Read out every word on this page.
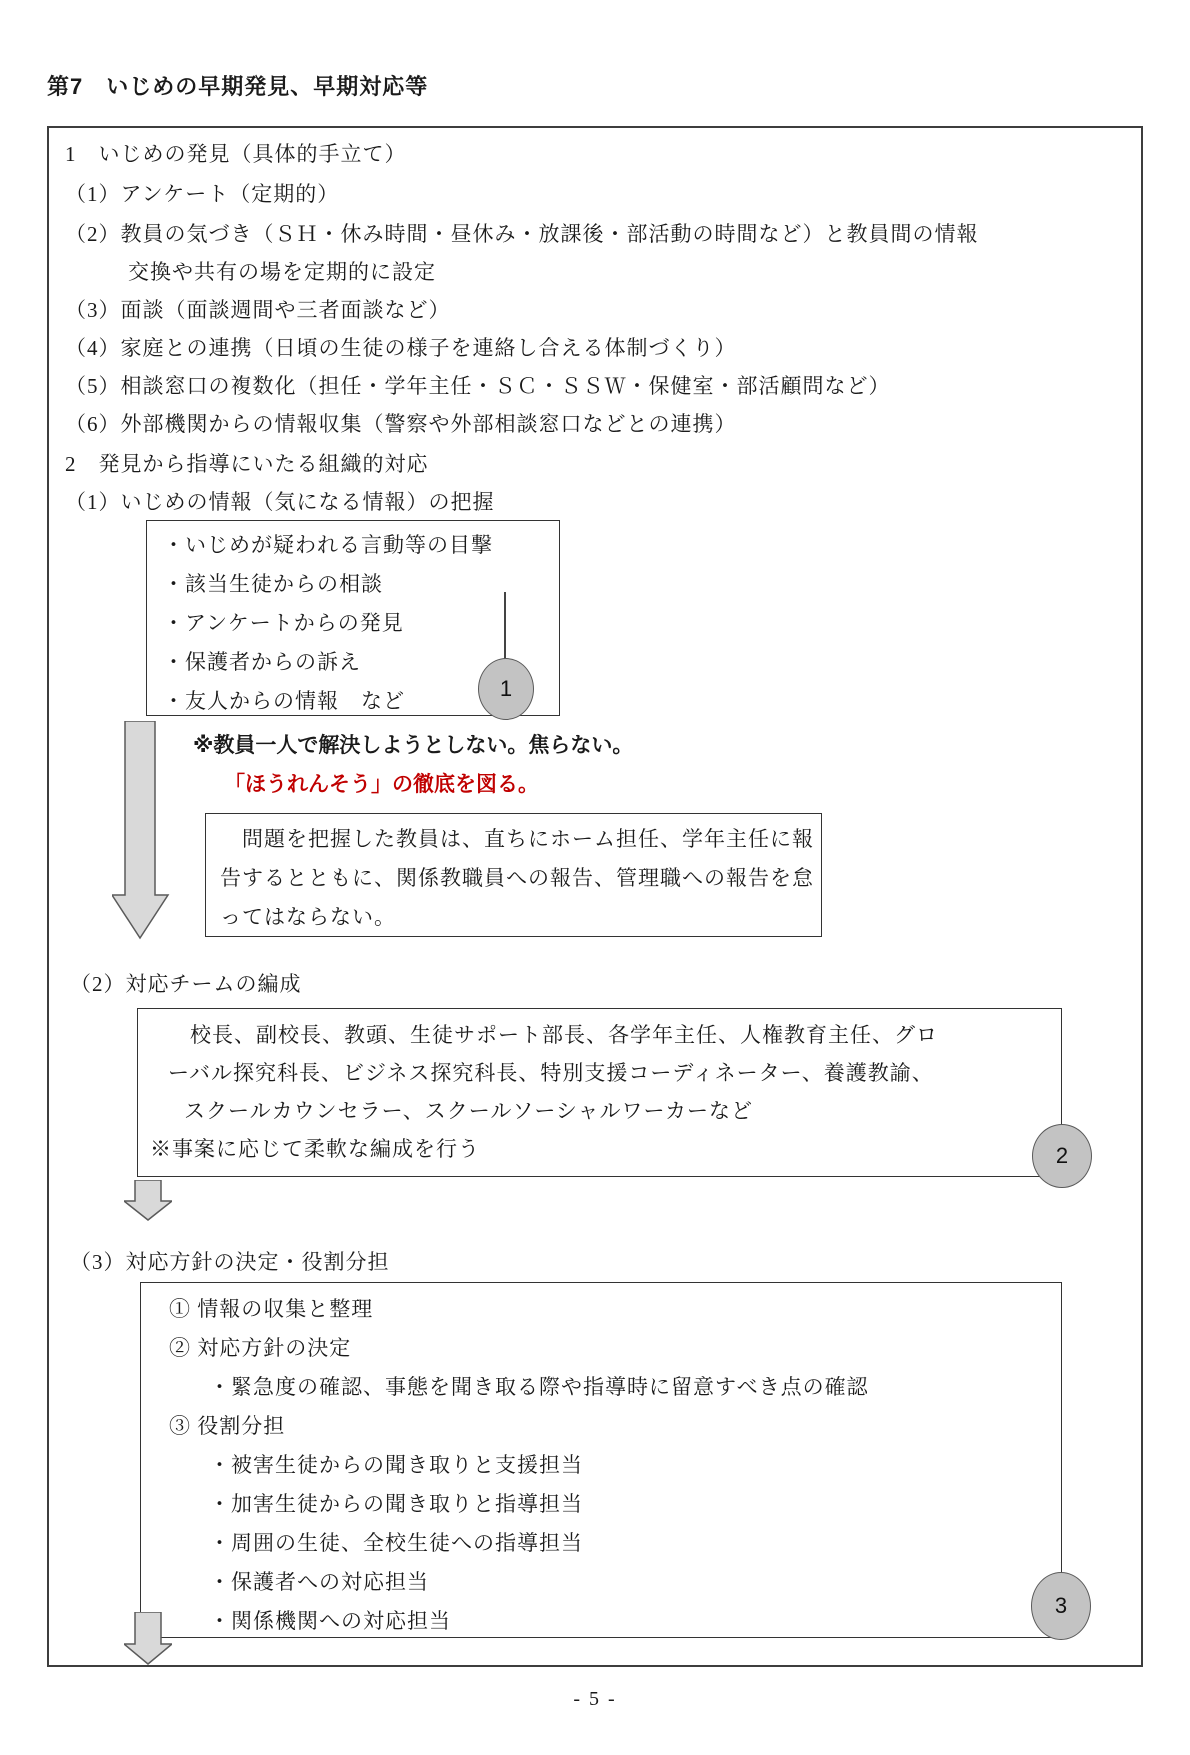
第7　いじめの早期発見、早期対応等
1　いじめの発見（具体的手立て）
（1）アンケート（定期的）
（2）教員の気づき（ＳＨ・休み時間・昼休み・放課後・部活動の時間など）と教員間の情報
交換や共有の場を定期的に設定
（3）面談（面談週間や三者面談など）
（4）家庭との連携（日頃の生徒の様子を連絡し合える体制づくり）
（5）相談窓口の複数化（担任・学年主任・ＳＣ・ＳＳＷ・保健室・部活顧問など）
（6）外部機関からの情報収集（警察や外部相談窓口などとの連携）
2　発見から指導にいたる組織的対応
（1）いじめの情報（気になる情報）の把握
・いじめが疑われる言動等の目撃
・該当生徒からの相談
・アンケートからの発見
・保護者からの訴え
・友人からの情報　など	1
※教員一人で解決しようとしない。焦らない。
「ほうれんそう」の徹底を図る。
　問題を把握した教員は、直ちにホーム担任、学年主任に報
告するとともに、関係教職員への報告、管理職への報告を怠
ってはならない。
（2）対応チームの編成
校長、副校長、教頭、生徒サポート部長、各学年主任、人権教育主任、グロ
ーバル探究科長、ビジネス探究科長、特別支援コーディネーター、養護教諭、
スクールカウンセラー、スクールソーシャルワーカーなど
※事案に応じて柔軟な編成を行う	2
（3）対応方針の決定・役割分担
① 情報の収集と整理
② 対応方針の決定
・緊急度の確認、事態を聞き取る際や指導時に留意すべき点の確認
③ 役割分担
・被害生徒からの聞き取りと支援担当
・加害生徒からの聞き取りと指導担当
・周囲の生徒、全校生徒への指導担当
・保護者への対応担当
・関係機関への対応担当
3
- 5 -
